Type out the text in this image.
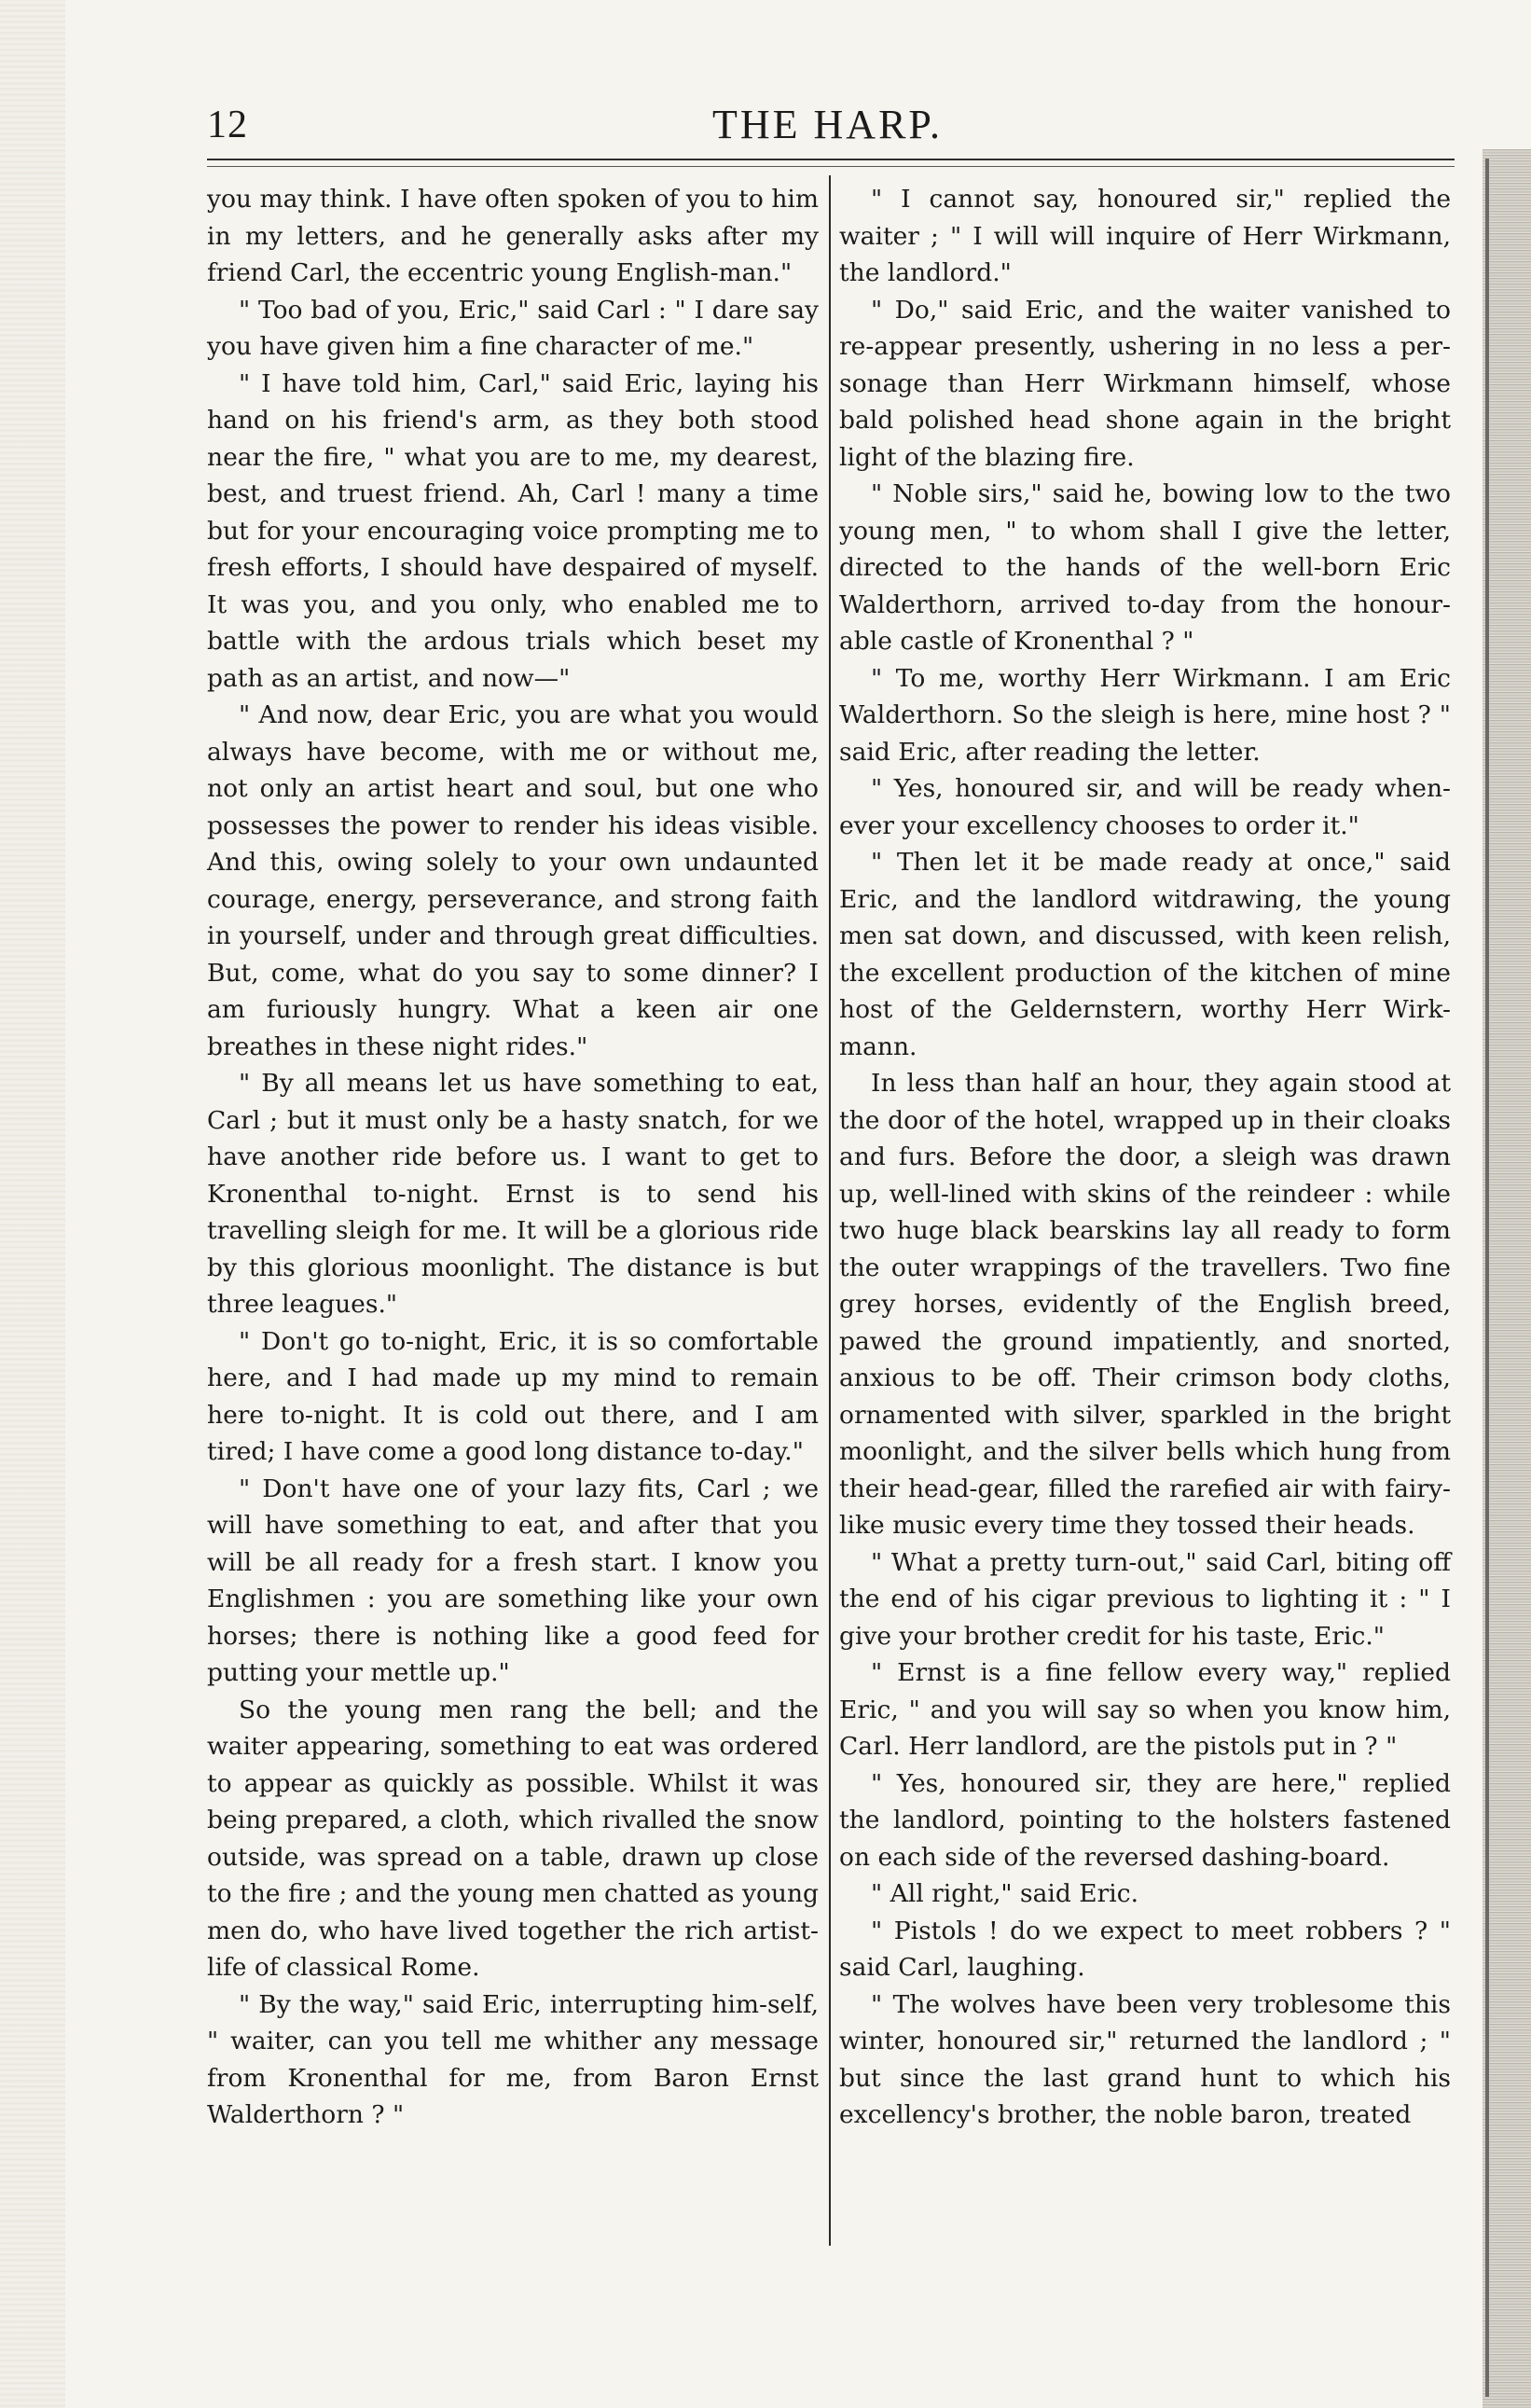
12	THE HARP.

you may think. I have often spoken of you to him in my letters, and he generally asks after my friend Carl, the eccentric young English-man."

" Too bad of you, Eric," said Carl : " I dare say you have given him a fine character of me."

" I have told him, Carl," said Eric, laying his hand on his friend's arm, as they both stood near the fire, " what you are to me, my dearest, best, and truest friend. Ah, Carl ! many a time but for your encouraging voice prompting me to fresh efforts, I should have despaired of myself. It was you, and you only, who enabled me to battle with the ardous trials which beset my path as an artist, and now—"

" And now, dear Eric, you are what you would always have become, with me or without me, not only an artist heart and soul, but one who possesses the power to render his ideas visible. And this, owing solely to your own undaunted courage, energy, perseverance, and strong faith in yourself, under and through great difficulties. But, come, what do you say to some dinner? I am furiously hungry. What a keen air one breathes in these night rides."

" By all means let us have something to eat, Carl ; but it must only be a hasty snatch, for we have another ride before us. I want to get to Kronenthal to-night. Ernst is to send his travelling sleigh for me. It will be a glorious ride by this glorious moonlight. The distance is but three leagues."

" Don't go to-night, Eric, it is so comfortable here, and I had made up my mind to remain here to-night. It is cold out there, and I am tired; I have come a good long distance to-day."

" Don't have one of your lazy fits, Carl ; we will have something to eat, and after that you will be all ready for a fresh start. I know you Englishmen : you are something like your own horses; there is nothing like a good feed for putting your mettle up."

So the young men rang the bell; and the waiter appearing, something to eat was ordered to appear as quickly as possible. Whilst it was being prepared, a cloth, which rivalled the snow outside, was spread on a table, drawn up close to the fire ; and the young men chatted as young men do, who have lived together the rich artist-life of classical Rome.

" By the way," said Eric, interrupting him-self, " waiter, can you tell me whither any message from Kronenthal for me, from Baron Ernst Walderthorn ? "

" I cannot say, honoured sir," replied the waiter ; " I will will inquire of Herr Wirkmann, the landlord."

" Do," said Eric, and the waiter vanished to re-appear presently, ushering in no less a per-sonage than Herr Wirkmann himself, whose bald polished head shone again in the bright light of the blazing fire.

" Noble sirs," said he, bowing low to the two young men, " to whom shall I give the letter, directed to the hands of the well-born Eric Walderthorn, arrived to-day from the honour-able castle of Kronenthal ? "

" To me, worthy Herr Wirkmann. I am Eric Walderthorn. So the sleigh is here, mine host ? " said Eric, after reading the letter.

" Yes, honoured sir, and will be ready when-ever your excellency chooses to order it."

" Then let it be made ready at once," said Eric, and the landlord witdrawing, the young men sat down, and discussed, with keen relish, the excellent production of the kitchen of mine host of the Geldernstern, worthy Herr Wirk-mann.

In less than half an hour, they again stood at the door of the hotel, wrapped up in their cloaks and furs. Before the door, a sleigh was drawn up, well-lined with skins of the reindeer : while two huge black bearskins lay all ready to form the outer wrappings of the travellers. Two fine grey horses, evidently of the English breed, pawed the ground impatiently, and snorted, anxious to be off. Their crimson body cloths, ornamented with silver, sparkled in the bright moonlight, and the silver bells which hung from their head-gear, filled the rarefied air with fairy-like music every time they tossed their heads.

" What a pretty turn-out," said Carl, biting off the end of his cigar previous to lighting it : " I give your brother credit for his taste, Eric."

" Ernst is a fine fellow every way," replied Eric, " and you will say so when you know him, Carl. Herr landlord, are the pistols put in ? "

" Yes, honoured sir, they are here," replied the landlord, pointing to the holsters fastened on each side of the reversed dashing-board.

" All right," said Eric.

" Pistols ! do we expect to meet robbers ? " said Carl, laughing.

" The wolves have been very troblesome this winter, honoured sir," returned the landlord ; " but since the last grand hunt to which his excellency's brother, the noble baron, treated
